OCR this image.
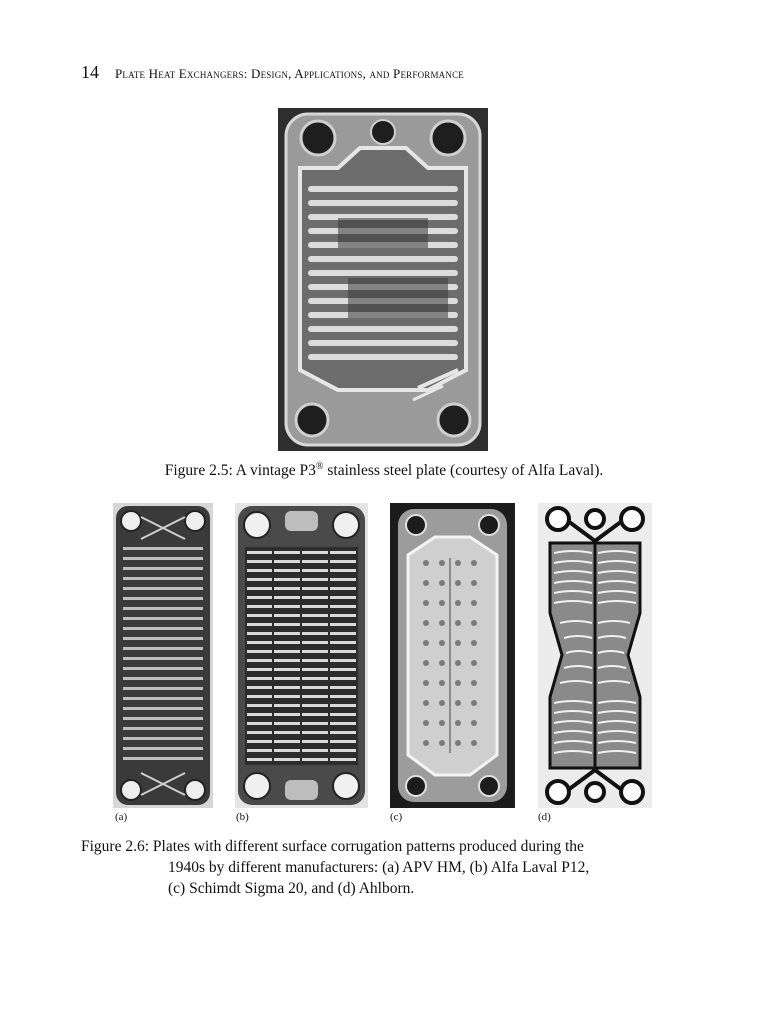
14 Plate Heat Exchangers: Design, Applications, and Performance
Figure 2.5: A vintage P3® stainless steel plate (courtesy of Alfa Laval).
(a)	(b)	(c)	(d)
Figure 2.6: Plates with different surface corrugation patterns produced during the
1940s by different manufacturers: (a) APV HM, (b) Alfa Laval P12,
(c) Schimdt Sigma 20, and (d) Ahlborn.
